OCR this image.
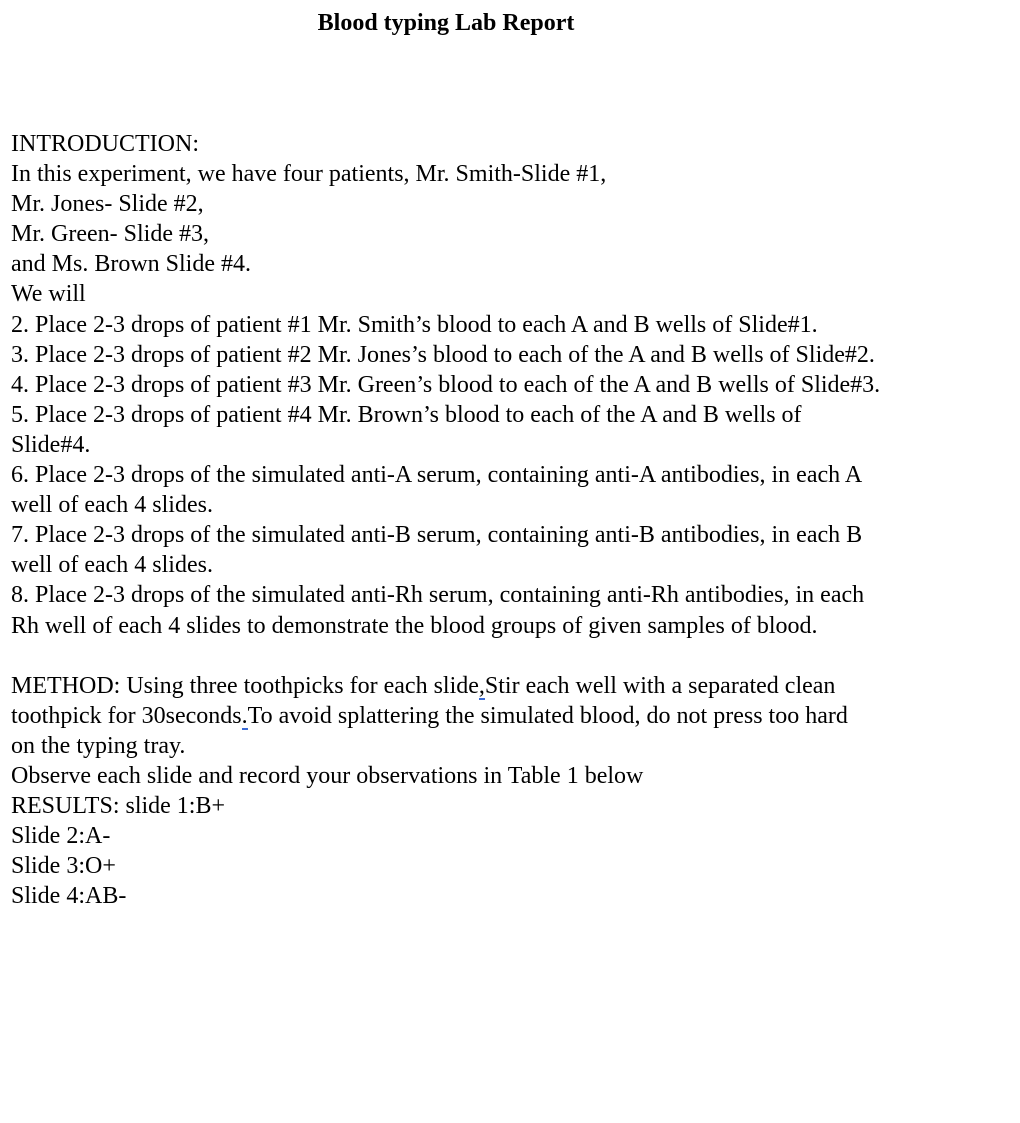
Blood typing Lab Report
INTRODUCTION:
In this experiment, we have four patients, Mr. Smith-Slide #1,
Mr. Jones- Slide #2,
Mr. Green- Slide #3,
and Ms. Brown Slide #4.
We will
2. Place 2-3 drops of patient #1 Mr. Smith’s blood to each A and B wells of Slide#1.
3. Place 2-3 drops of patient #2 Mr. Jones’s blood to each of the A and B wells of Slide#2.
4. Place 2-3 drops of patient #3 Mr. Green’s blood to each of the A and B wells of Slide#3.
5. Place 2-3 drops of patient #4 Mr. Brown’s blood to each of the A and B wells of Slide#4.
6. Place 2-3 drops of the simulated anti-A serum, containing anti-A antibodies, in each A well of each 4 slides.
7. Place 2-3 drops of the simulated anti-B serum, containing anti-B antibodies, in each B well of each 4 slides.
8. Place 2-3 drops of the simulated anti-Rh serum, containing anti-Rh antibodies, in each Rh well of each 4 slides to demonstrate the blood groups of given samples of blood.
METHOD: Using three toothpicks for each slide,Stir each well with a separated clean toothpick for 30seconds.To avoid splattering the simulated blood, do not press too hard on the typing tray.
Observe each slide and record your observations in Table 1 below
RESULTS: slide 1:B+
Slide 2:A-
Slide 3:O+
Slide 4:AB-
